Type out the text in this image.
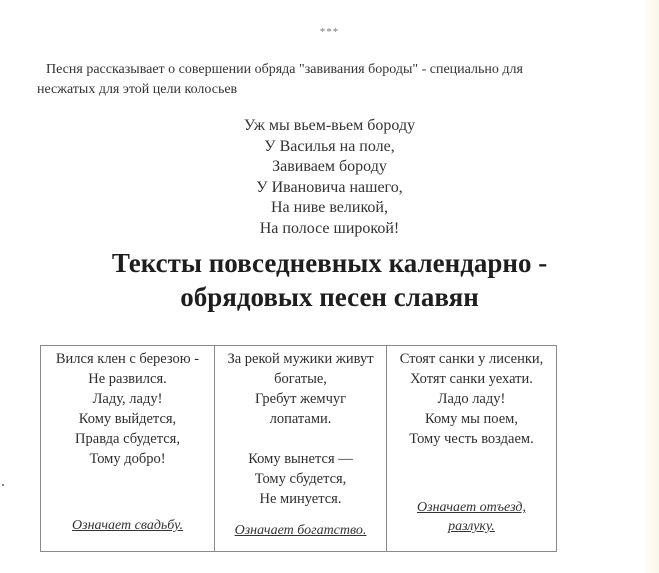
***
Песня рассказывает о совершении обряда "завивания бороды" - специально для
несжатых для этой цели колосьев
Уж мы вьем-вьем бороду
У Василья на поле,
Завиваем бороду
У Ивановича нашего,
На ниве великой,
На полосе широкой!
Тексты повседневных календарно -
обрядовых песен славян
Вился клен с березою -
Не развился.
Ладу, ладу!
Кому выйдется,
Правда сбудется,
Тому добро!
Означает свадьбу.
За рекой мужики живут
богатые,
Гребут жемчуг
лопатами.
Кому вынется —
Тому сбудется,
Не минуется.
Означает богатство.
Стоят санки у лисенки,
Хотят санки уехати.
Ладо ладу!
Кому мы поем,
Тому честь воздаем.
Означает отъезд,
разлуку.
